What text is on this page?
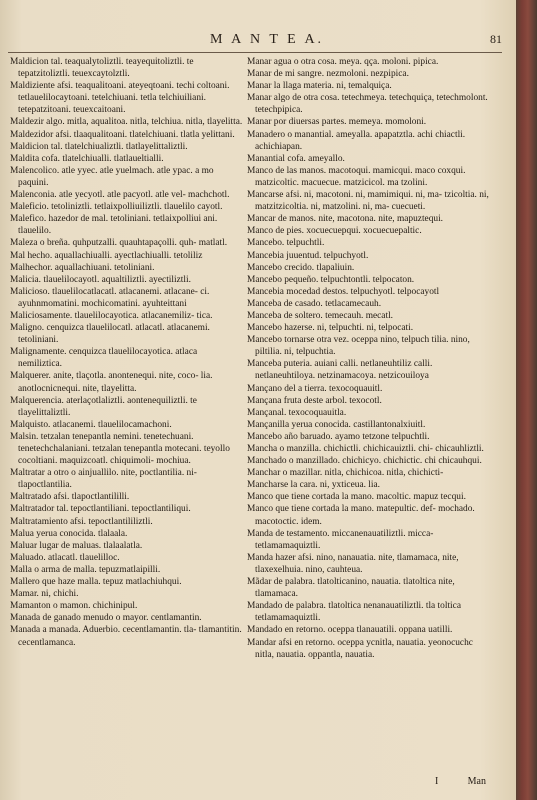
M A N T E A.	81

Maldicion tal. teaqualytoliztli. teayequitoliztli. te tepatzitoliztli. teuexcaytolztli.

Maldiziente afsi. teaqualitoani. ateyeqtoani. techi coltoani. tetlauelilocaytoani. tetelchiuani. tetla telchiuiliani. tetepatzitoani. teuexcaitoani.

Maldezir algo. mitla, aqualitoa. nitla, telchiua. nitla, tlayelitta.

Maldezidor afsi. tlaaqualitoani. tlatelchiuani. tlatla yelittani.

Maldicion tal. tlatelchiualiztli. tlatlayelittaliztli.

Maldita cofa. tlatelchiualli. tlatlaueltialli.

Malencolico. atle yyec. atle yuelmach. atle ypac. a mo paquini.

Malenconia. atle yecyotl. atle pacyotl. atle vel- machchotl.

Maleficio. tetoliniztli. tetlaixpolliuiliztli. tlauelilo cayotl.

Malefico. hazedor de mal. tetoliniani. tetlaixpolliui ani. tlauelilo.

Maleza o breña. quhputzalli. quauhtapaçolli. quh- matlatl.

Mal hecho. aquallachiualli. ayectlachiualli. tetoliliz

Malhechor. aquallachiuani. tetoliniani.

Malicia. tlauelilocayotl. aqualtiliztli. ayectiliztli.

Malicioso. tlauelilocatlacatl. atlacanemi. atlacane- ci. ayuhnmomatini. mochicomatini. ayuhteittani

Maliciosamente. tlauelilocayotica. atlacanemiliz- tica.

Maligno. cenquizca tlauelilocatl. atlacatl. atlacanemi. tetoliniani.

Malignamente. cenquizca tlauelilocayotica. atlaca nemiliztica.

Malquerer. anite, tlaçotla. anontenequi. nite, coco- lia. anotlocnicnequi. nite, tlayelitta.

Malquerencia. aterlaçotlaliztli. aontenequiliztli. te tlayelittaliztli.

Malquisto. atlacanemi. tlauelilocamachoni.

Malsin. tetzalan tenepantla nemini. tenetechuani. tenetechchalaniani. tetzalan tenepantla motecani. teyollo cocoltiani. maquizcoatl. chiquimoli- mochiua.

Maltratar a otro o ainjuallilo. nite, poctlantilia. ni- tlapoctlantilia.

Maltratado afsi. tlapoctlantililli.

Maltratador tal. tepoctlantiliani. tepoctlantiliqui.

Maltratamiento afsi. tepoctlantililiztli.

Malua yerua conocida. tlalaala.

Maluar lugar de maluas. tlalaalatla.

Maluado. atlacatl. tlauelilloc.

Malla o arma de malla. tepuzmatlaipilli.

Mallero que haze malla. tepuz matlachiuhqui.

Mamar. ni, chichi.

Mamanton o mamon. chichinipul.

Manada de ganado menudo o mayor. centlamantin.

Manada a manada. Aduerbio. cecentlamantin. tla- tlamantitin. cecentlamanca.

Manar agua o otra cosa. meya. qça. moloni. pipica.

Manar de mi sangre. nezmoloni. nezpipica.

Manar la llaga materia. ni, temalquiça.

Manar algo de otra cosa. tetechmeya. tetechquiça, tetechmolont. tetechpipica.

Manar por diuersas partes. memeya. momoloni.

Manadero o manantial. ameyalla. apapatztla. achi chiactli. achichiapan.

Manantial cofa. ameyallo.

Manco de las manos. macotoqui. mamicqui. maco coxqui. matzicoltic. macuecue. matzicicol. ma tzolini.

Mancarse afsi. ni, macotoni. ni, mamimiqui. ni, ma- tzicoltia. ni, matzitzicoltia. ni, matzolini. ni, ma- cuecueti.

Mancar de manos. nite, macotona. nite, mapuztequi.

Manco de pies. xocuecuepqui. xocuecuepaltic.

Mancebo. telpuchtli.

Mancebia juuentud. telpuchyotl.

Mancebo crecido. tlapaliuin.

Mancebo pequeño. telpuchtontli. telpocaton.

Mancebia mocedad destos. telpuchyotl. telpocayotl

Manceba de casado. tetlacamecauh.

Manceba de soltero. temecauh. mecatl.

Mancebo hazerse. ni, telpuchti. ni, telpocati.

Mancebo tornarse otra vez. oceppa nino, telpuch tilia. nino, piltilia. ni, telpuchtia.

Manceba puteria. auiani calli. netlaneuhtiliz calli. netlaneuhtiloya. netzinamacoya. netzicouiloya

Mançano del a tierra. texocoquauitl.

Mançana fruta deste arbol. texocotl.

Mançanal. texocoquauitla.

Mançanilla yerua conocida. castillantonalxiuitl.

Mancebo año baruado. ayamo tetzone telpuchtli.

Mancha o manzilla. chichictli. chichicauiztli. chi- chicauhliztli.

Manchado o manzillado. chichicyo. chichictic. chi chicauhqui.

Manchar o mazillar. nitla, chichicoa. nitla, chichicti-

Mancharse la cara. ni, yxticeua. lia.

Manco que tiene cortada la mano. macoltic. mapuz tecqui.

Manco que tiene cortada la mano. matepultic. def- mochado. macotoctic. idem.

Manda de testamento. miccanenauatiliztli. micca- tetlamamaquiztli.

Manda hazer afsi. nino, nanauatia. nite, tlamamaca, nite, tlaxexelhuia. nino, cauhteua.

Mãdar de palabra. tlatolticanino, nauatia. tlatoltica nite, tlamamaca.

Mandado de palabra. tlatoltica nenanauatiliztli. tla toltica tetlamamaquiztli.

Mandado en retorno. oceppa tlanauatili. oppana uatilli.

Mandar afsi en retorno. oceppa ycnitla, nauatia. yeonocuchc nitla, nauatia. oppantla, nauatia.

I	Man
